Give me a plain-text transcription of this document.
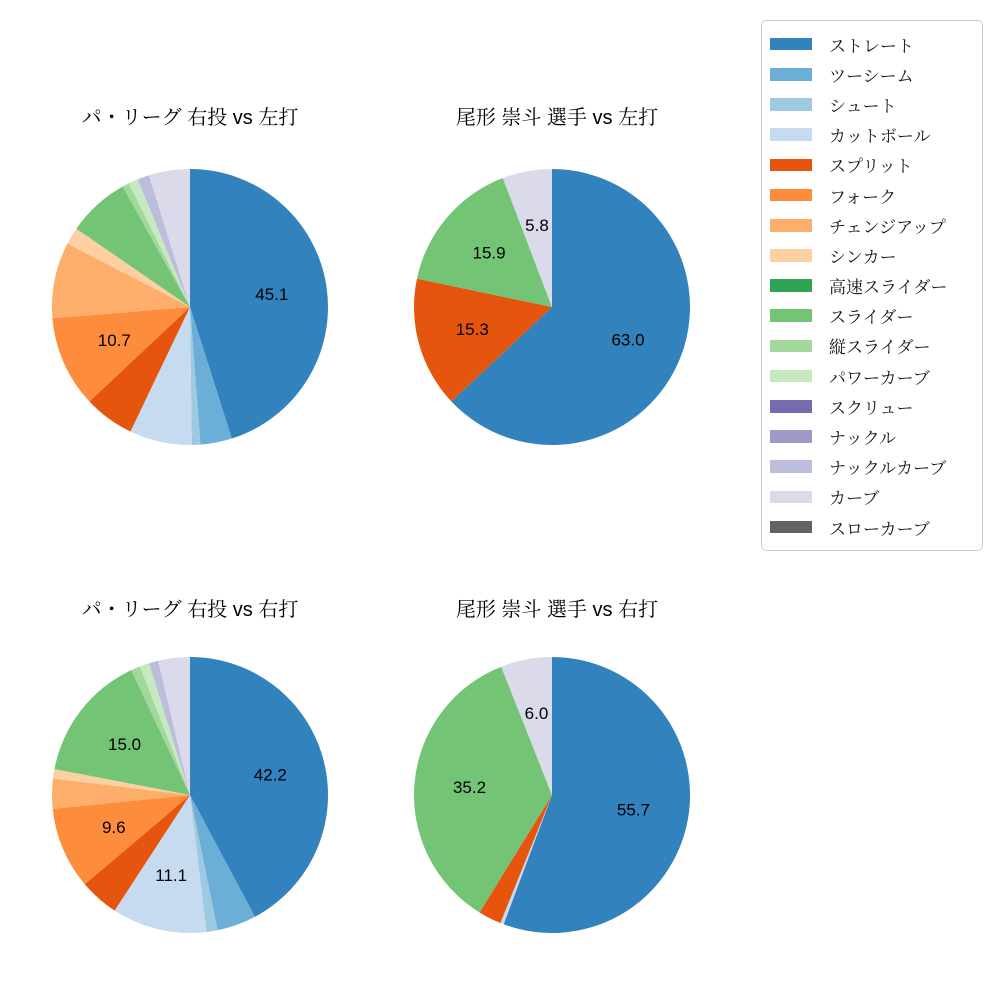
パ・リーグ 右投 vs 左打	尾形 崇斗 選手 vs 左打
パ・リーグ 右投 vs 右打	尾形 崇斗 選手 vs 右打
45.1
10.7	63.0
15.3
15.9
5.8
42.2
11.1
9.6
15.0
55.7
35.2
6.0
ストレート
ツーシーム
シュート
カットボール
スプリット
フォーク
チェンジアップ
シンカー
高速スライダー
スライダー
縦スライダー
パワーカーブ
スクリュー
ナックル
ナックルカーブ
カーブ
スローカーブ
